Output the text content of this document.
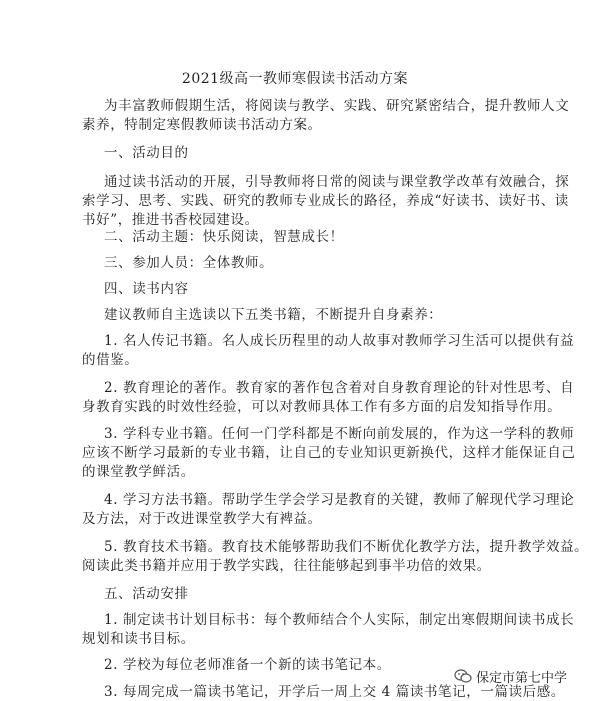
2021级高一教师寒假读书活动方案
为丰富教师假期生活，将阅读与教学、实践、研究紧密结合，提升教师人文
素养，特制定寒假教师读书活动方案。
一、活动目的
通过读书活动的开展，引导教师将日常的阅读与课堂教学改革有效融合，探
索学习、思考、实践、研究的教师专业成长的路径，养成“好读书、读好书、读
书好”，推进书香校园建设。
二、活动主题：快乐阅读，智慧成长！
三、参加人员：全体教师。
四、读书内容
建议教师自主选读以下五类书籍，不断提升自身素养：
1. 名人传记书籍。名人成长历程里的动人故事对教师学习生活可以提供有益
的借鉴。
2. 教育理论的著作。教育家的著作包含着对自身教育理论的针对性思考、自
身教育实践的时效性经验，可以对教师具体工作有多方面的启发知指导作用。
3. 学科专业书籍。任何一门学科都是不断向前发展的，作为这一学科的教师
应该不断学习最新的专业书籍，让自己的专业知识更新换代，这样才能保证自己
的课堂教学鲜活。
4. 学习方法书籍。帮助学生学会学习是教育的关键，教师了解现代学习理论
及方法，对于改进课堂教学大有裨益。
5. 教育技术书籍。教育技术能够帮助我们不断优化教学方法，提升教学效益。
阅读此类书籍并应用于教学实践，往往能够起到事半功倍的效果。
五、活动安排
1. 制定读书计划目标书：每个教师结合个人实际，制定出寒假期间读书成长
规划和读书目标。
2. 学校为每位老师准备一个新的读书笔记本。
3. 每周完成一篇读书笔记，开学后一周上交 4 篇读书笔记，一篇读后感。
保定市第七中学
